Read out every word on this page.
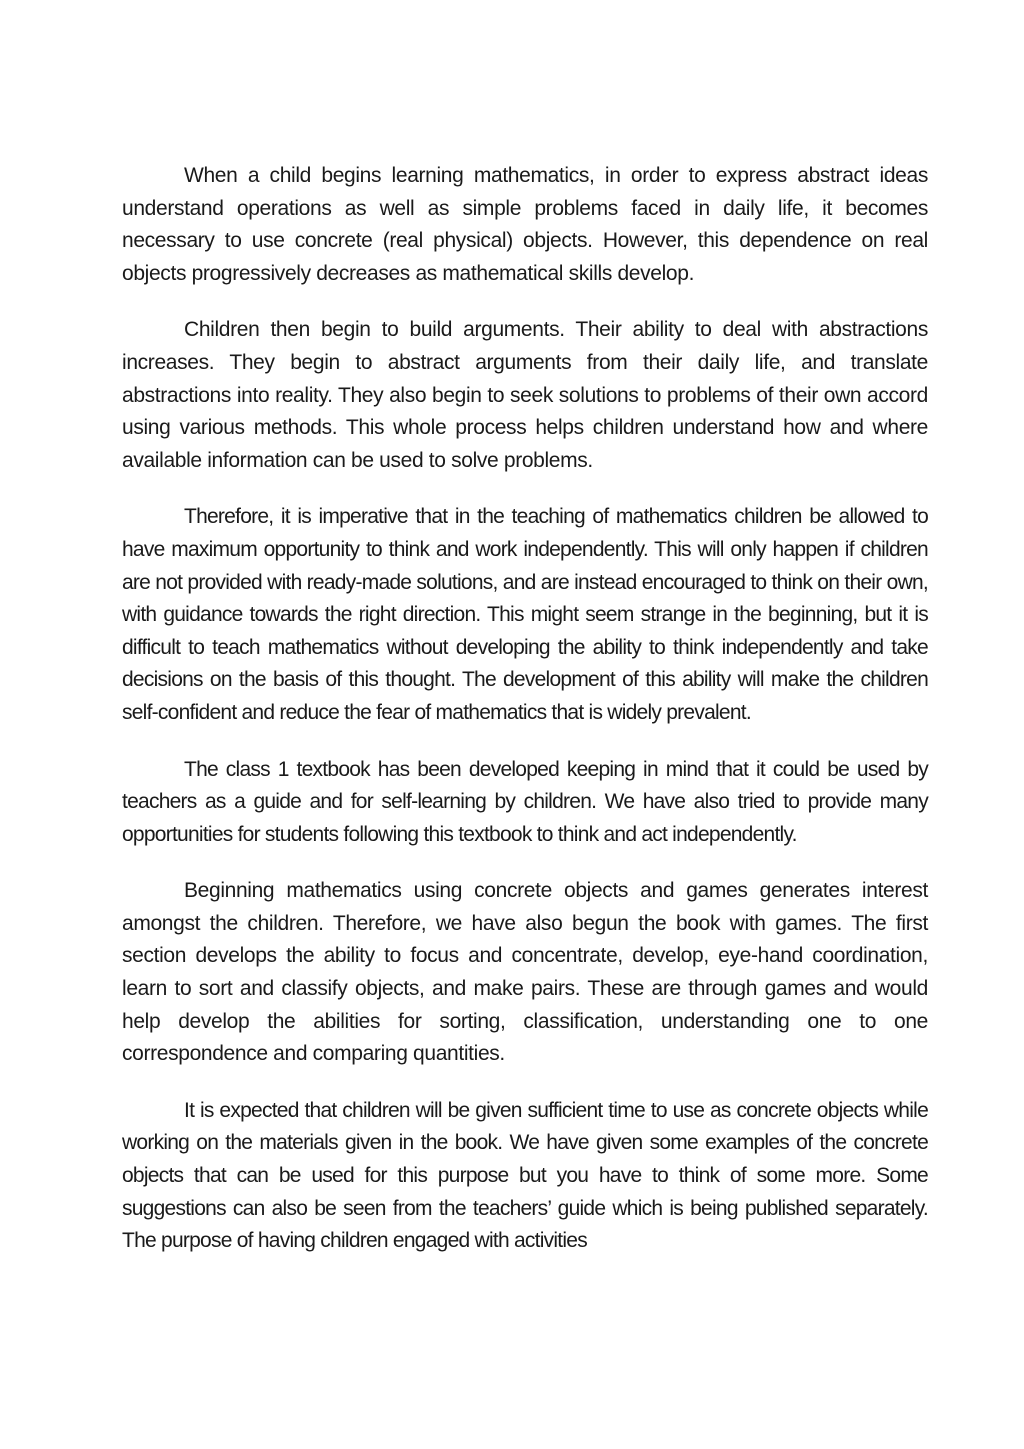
When a child begins learning mathematics, in order to express abstract ideas understand operations as well as simple problems faced in daily life, it becomes necessary to use concrete (real physical) objects. However, this dependence on real objects progressively decreases as mathematical skills develop.

Children then begin to build arguments. Their ability to deal with abstractions increases. They begin to abstract arguments from their daily life, and translate abstractions into reality. They also begin to seek solutions to problems of their own accord using various methods. This whole process helps children understand how and where available information can be used to solve problems.

Therefore, it is imperative that in the teaching of mathematics children be allowed to have maximum opportunity to think and work independently. This will only happen if children are not provided with ready-made solutions, and are instead encouraged to think on their own, with guidance towards the right direction. This might seem strange in the beginning, but it is difficult to teach mathematics without developing the ability to think independently and take decisions on the basis of this thought. The development of this ability will make the children self-confident and reduce the fear of mathematics that is widely prevalent.

The class 1 textbook has been developed keeping in mind that it could be used by teachers as a guide and for self-learning by children. We have also tried to provide many opportunities for students following this textbook to think and act independently.

Beginning mathematics using concrete objects and games generates interest amongst the children. Therefore, we have also begun the book with games. The first section develops the ability to focus and concentrate, develop, eye-hand coordination, learn to sort and classify objects, and make pairs. These are through games and would help develop the abilities for sorting, classification, understanding one to one correspondence and comparing quantities.

It is expected that children will be given sufficient time to use as concrete objects while working on the materials given in the book. We have given some examples of the concrete objects that can be used for this purpose but you have to think of some more. Some suggestions can also be seen from the teachers’ guide which is being published separately. The purpose of having children engaged with activities
